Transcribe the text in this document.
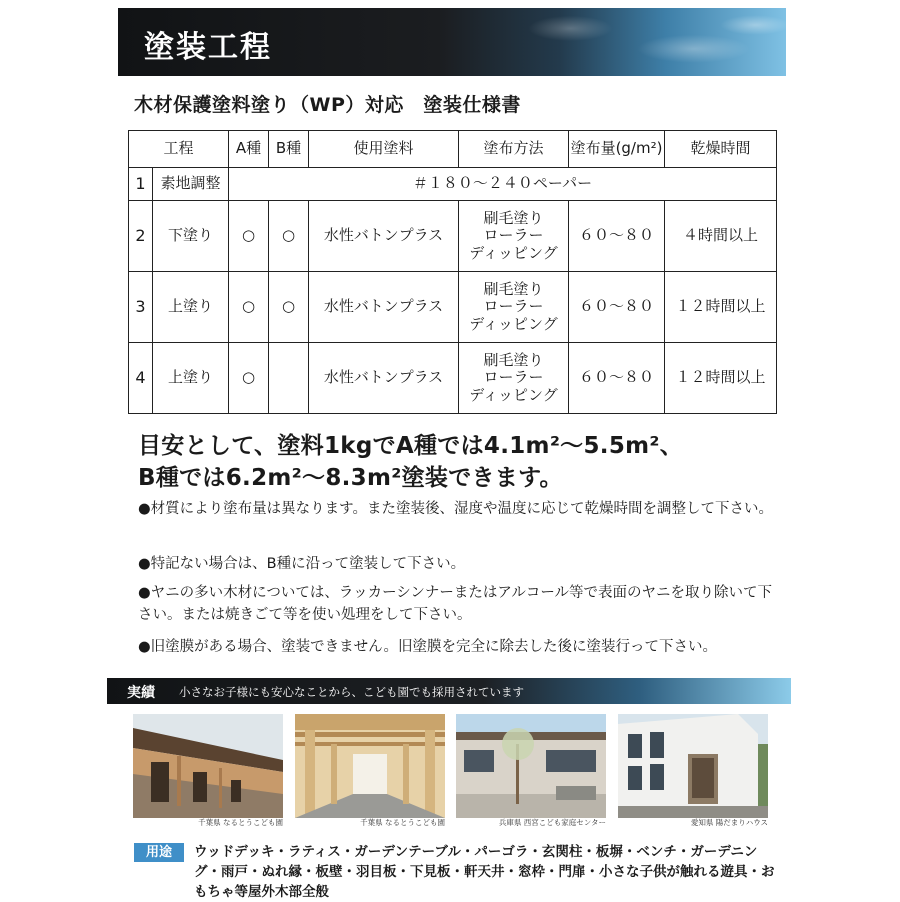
塗装工程
木材保護塗料塗り（WP）対応　塗装仕様書
工程		A種	B種	使用塗料	塗布方法	塗布量(g/m²)	乾燥時間
1	素地調整	＃１８０～２４０ペーパー					
2	下塗り	○	○	水性バトンプラス	刷毛塗り
ローラー
ディッピング	６０～８０	４時間以上
3	上塗り	○	○	水性バトンプラス	刷毛塗り
ローラー
ディッピング	６０～８０	１２時間以上
4	上塗り	○		水性バトンプラス	刷毛塗り
ローラー
ディッピング	６０～８０	１２時間以上
目安として、塗料1kgでA種では4.1m²～5.5m²、
B種では6.2m²～8.3m²塗装できます。
●材質により塗布量は異なります。また塗装後、湿度や温度に応じて乾燥時間を調整して下さい。
●特記ない場合は、B種に沿って塗装して下さい。
●ヤニの多い木材については、ラッカーシンナーまたはアルコール等で表面のヤニを取り除いて下さい。または焼きごて等を使い処理をして下さい。
●旧塗膜がある場合、塗装できません。旧塗膜を完全に除去した後に塗装行って下さい。
実績 小さなお子様にも安心なことから、こども園でも採用されています
千葉県 なるとうこども園	千葉県 なるとうこども園	兵庫県 西宮こども家庭センター	愛知県 陽だまりハウス
用途	ウッドデッキ・ラティス・ガーデンテーブル・パーゴラ・玄関柱・板塀・ベンチ・ガーデニング・雨戸・ぬれ縁・板壁・羽目板・下見板・軒天井・窓枠・門扉・小さな子供が触れる遊具・おもちゃ等屋外木部全般
